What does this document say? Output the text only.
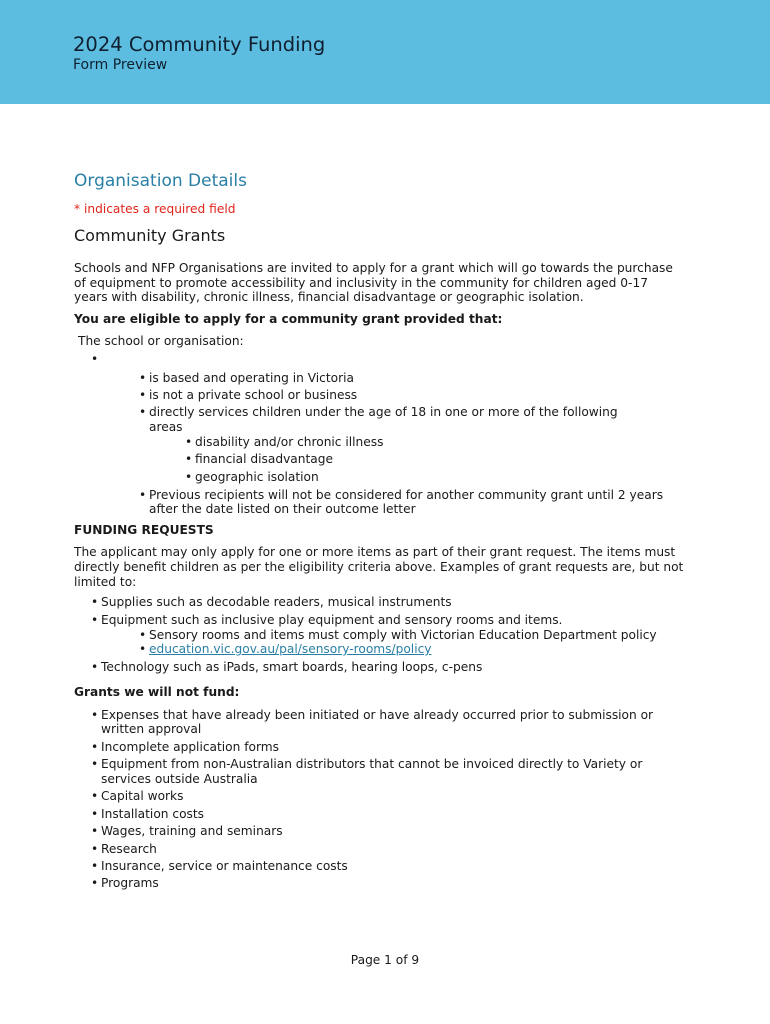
2024 Community Funding
Form Preview
Organisation Details
* indicates a required field
Community Grants
Schools and NFP Organisations are invited to apply for a grant which will go towards the purchase of equipment to promote accessibility and inclusivity in the community for children aged 0-17 years with disability, chronic illness, financial disadvantage or geographic isolation.
You are eligible to apply for a community grant provided that:
The school or organisation:
•
• is based and operating in Victoria
• is not a private school or business
• directly services children under the age of 18 in one or more of the following areas
• disability and/or chronic illness
• financial disadvantage
• geographic isolation
• Previous recipients will not be considered for another community grant until 2 years after the date listed on their outcome letter
FUNDING REQUESTS
The applicant may only apply for one or more items as part of their grant request. The items must directly benefit children as per the eligibility criteria above. Examples of grant requests are, but not limited to:
• Supplies such as decodable readers, musical instruments
• Equipment such as inclusive play equipment and sensory rooms and items.
• Sensory rooms and items must comply with Victorian Education Department policy
• education.vic.gov.au/pal/sensory-rooms/policy
• Technology such as iPads, smart boards, hearing loops, c-pens
Grants we will not fund:
• Expenses that have already been initiated or have already occurred prior to submission or written approval
• Incomplete application forms
• Equipment from non-Australian distributors that cannot be invoiced directly to Variety or services outside Australia
• Capital works
• Installation costs
• Wages, training and seminars
• Research
• Insurance, service or maintenance costs
• Programs
Page 1 of 9
